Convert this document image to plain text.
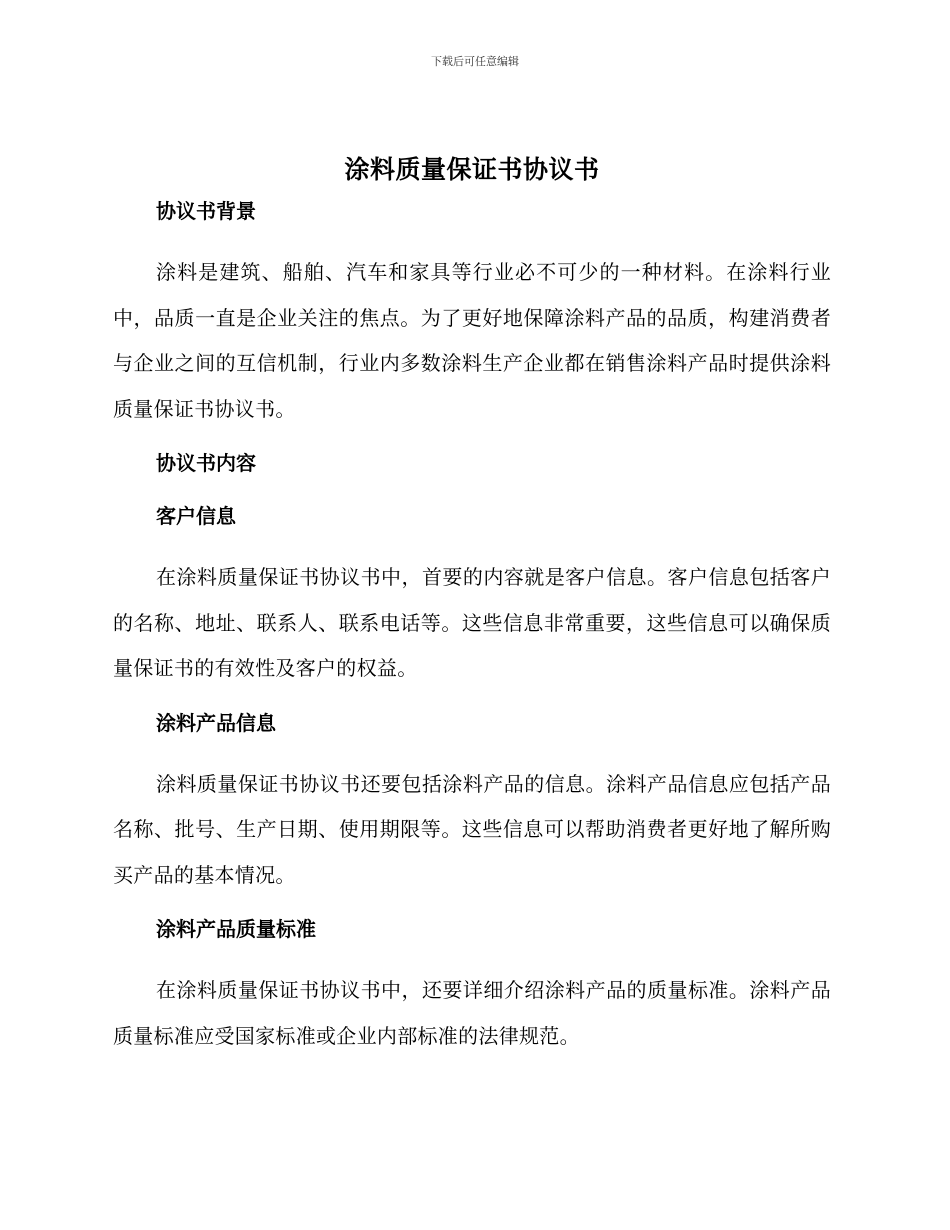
下载后可任意编辑
涂料质量保证书协议书
协议书背景

涂料是建筑、船舶、汽车和家具等行业必不可少的一种材料。在涂料行业中，品质一直是企业关注的焦点。为了更好地保障涂料产品的品质，构建消费者与企业之间的互信机制，行业内多数涂料生产企业都在销售涂料产品时提供涂料质量保证书协议书。

协议书内容
客户信息

在涂料质量保证书协议书中，首要的内容就是客户信息。客户信息包括客户的名称、地址、联系人、联系电话等。这些信息非常重要，这些信息可以确保质量保证书的有效性及客户的权益。

涂料产品信息

涂料质量保证书协议书还要包括涂料产品的信息。涂料产品信息应包括产品名称、批号、生产日期、使用期限等。这些信息可以帮助消费者更好地了解所购买产品的基本情况。

涂料产品质量标准

在涂料质量保证书协议书中，还要详细介绍涂料产品的质量标准。涂料产品质量标准应受国家标准或企业内部标准的法律规范。
